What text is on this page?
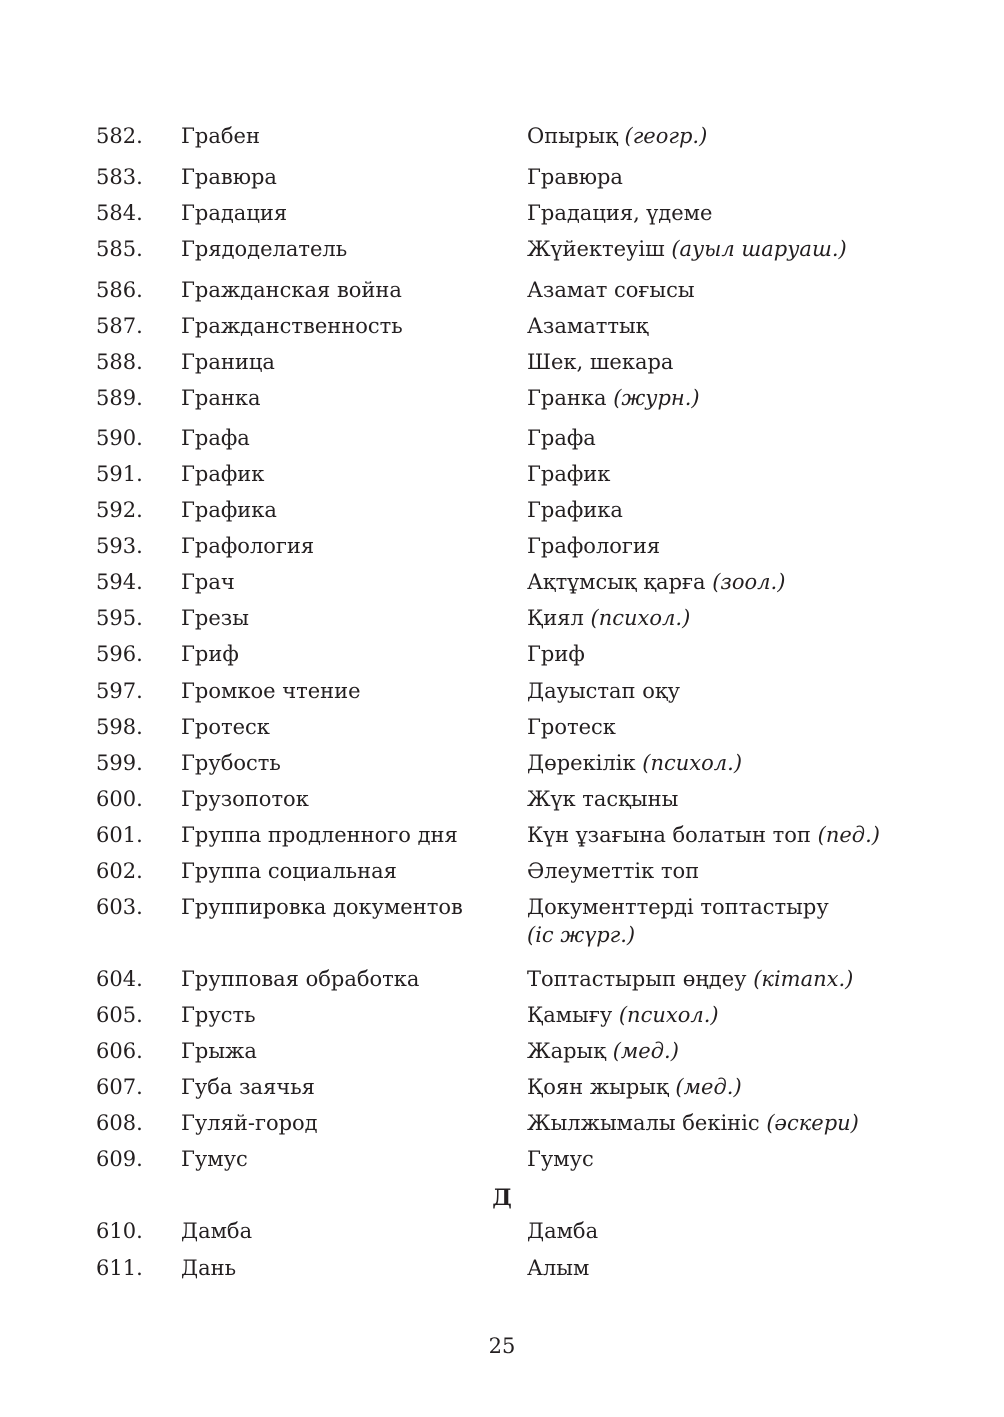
582. Грабен	Опырық (геогр.)
583. Гравюра	Гравюра
584. Градация	Градация, үдеме
585. Грядоделатель	Жүйектеуіш (ауыл шаруаш.)
586. Гражданская война	Азамат соғысы
587. Гражданственность	Азаматтық
588. Граница	Шек, шекара
589. Гранка	Гранка (журн.)
590. Графа	Графа
591. График	График
592. Графика	Графика
593. Графология	Графология
594. Грач	Ақтұмсық қарға (зоол.)
595. Грезы	Қиял (психол.)
596. Гриф	Гриф
597. Громкое чтение	Дауыстап оқу
598. Гротеск	Гротеск
599. Грубость	Дөрекілік (психол.)
600. Грузопоток	Жүк тасқыны
601. Группа продленного дня	Күн ұзағына болатын топ (пед.)
602. Группа социальная	Әлеуметтік топ
603. Группировка документов	Документтерді топтастыру
(іс жүрг.)
604. Групповая обработка	Топтастырып өңдеу (кітапх.)
605. Грусть	Қамығу (психол.)
606. Грыжа	Жарық (мед.)
607. Губа заячья	Қоян жырық (мед.)
608. Гуляй-город	Жылжымалы бекініс (әскери)
609. Гумус	Гумус
610. Дамба	Дамба
611. Дань	Алым
Д
25
